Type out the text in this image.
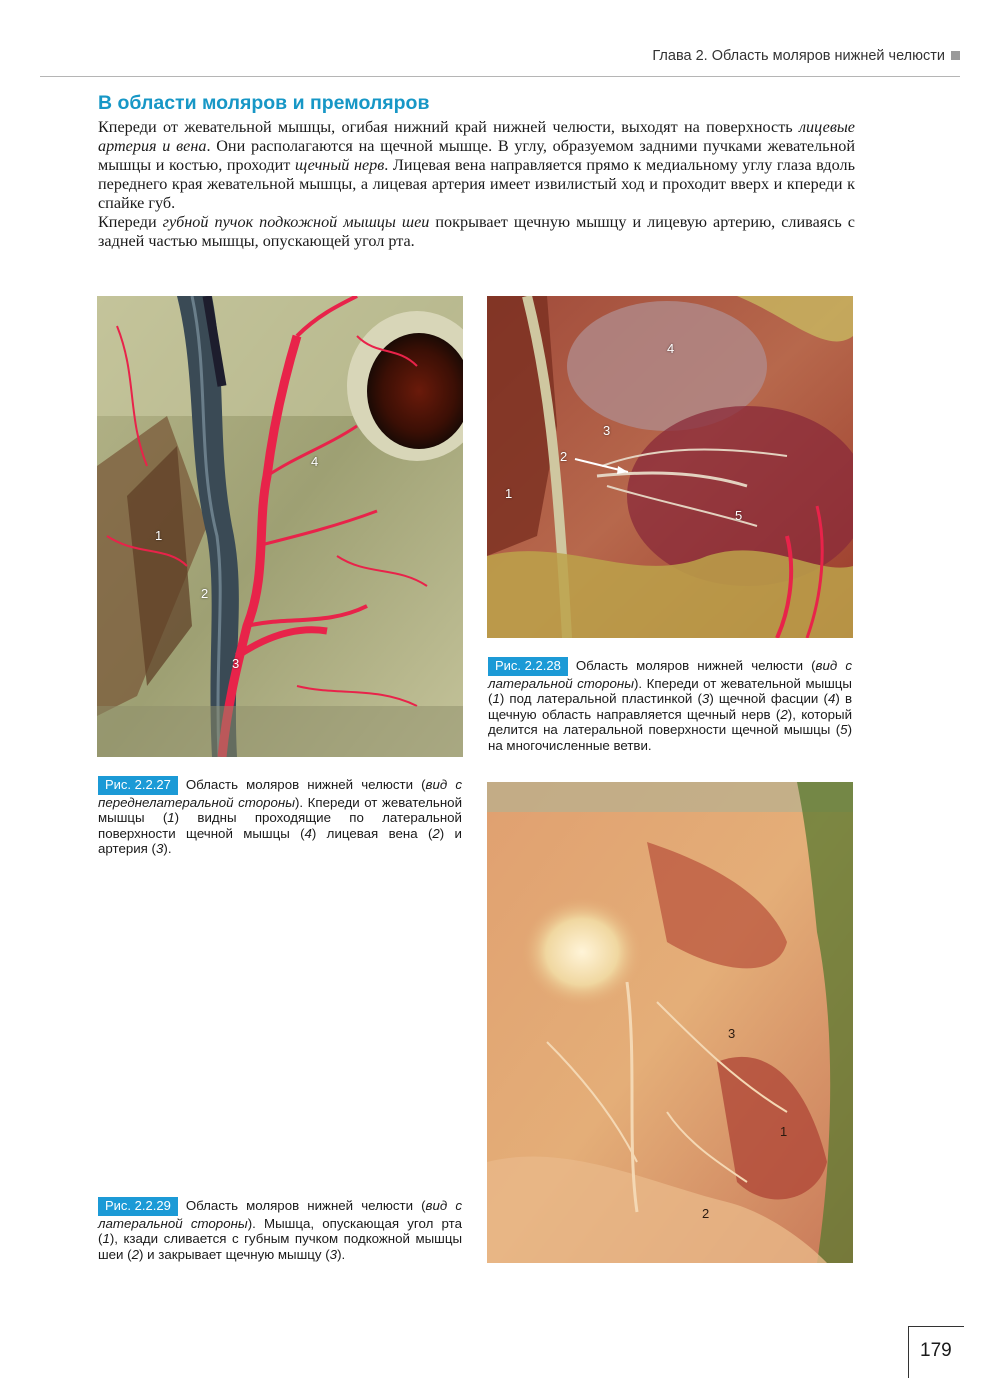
Глава 2. Область моляров нижней челюсти
В области моляров и премоляров

Кпереди от жевательной мышцы, огибая нижний край нижней челюсти, выходят на поверхность лицевые артерия и вена. Они располагаются на щечной мышце. В углу, образуемом задними пучками жевательной мышцы и костью, проходит щечный нерв. Лицевая вена направляется прямо к медиальному углу глаза вдоль переднего края жевательной мышцы, а лицевая артерия имеет извилистый ход и проходит вверх и кпереди к спайке губ.

Кпереди губной пучок подкожной мышцы шеи покрывает щечную мышцу и лицевую артерию, сливаясь с задней частью мышцы, опускающей угол рта.

1
2
3
4
1
2
3
4
5
1
2
3
Рис. 2.2.27 Область моляров нижней челюсти (вид с переднелатеральной стороны). Кпереди от жевательной мышцы (1) видны проходящие по латеральной поверхности щечной мышцы (4) лицевая вена (2) и артерия (3).
Рис. 2.2.28 Область моляров нижней челюсти (вид с латеральной стороны). Кпереди от жевательной мышцы (1) под латеральной пластинкой (3) щечной фасции (4) в щечную область направляется щечный нерв (2), который делится на латеральной поверхности щечной мышцы (5) на многочисленные ветви.
Рис. 2.2.29 Область моляров нижней челюсти (вид с латеральной стороны). Мышца, опускающая угол рта (1), кзади сливается с губным пучком подкожной мышцы шеи (2) и закрывает щечную мышцу (3).
179
